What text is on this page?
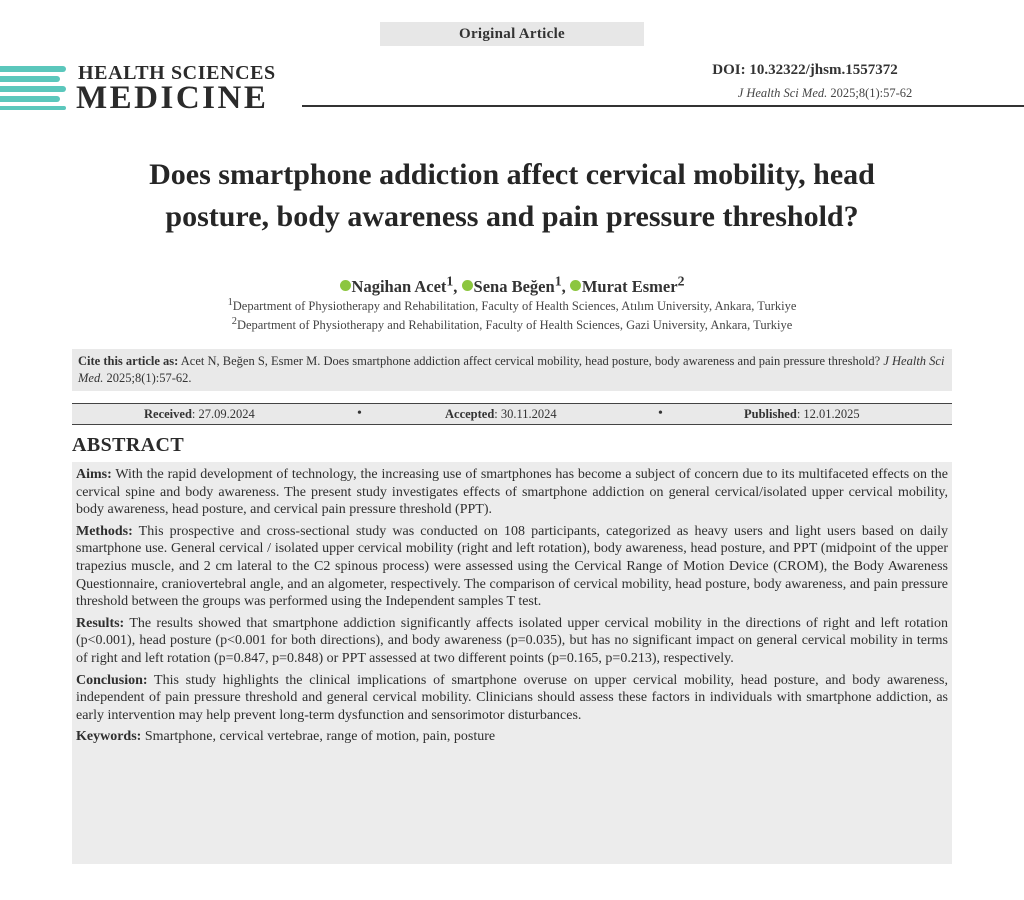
Original Article
HEALTH SCIENCES
MEDICINE
DOI: 10.32322/jhsm.1557372
J Health Sci Med. 2025;8(1):57-62
Does smartphone addiction affect cervical mobility, head
posture, body awareness and pain pressure threshold?
Nagihan Acet$^1$, Sena Beğen$^1$, Murat Esmer$^2$
$^1$Department of Physiotherapy and Rehabilitation, Faculty of Health Sciences, Atılım University, Ankara, Turkiye
$^2$Department of Physiotherapy and Rehabilitation, Faculty of Health Sciences, Gazi University, Ankara, Turkiye
Cite this article as: Acet N, Beğen S, Esmer M. Does smartphone addiction affect cervical mobility, head posture, body awareness and pain pressure threshold? J Health Sci Med. 2025;8(1):57-62.
Received: 27.09.2024	•	Accepted: 30.11.2024	•	Published: 12.01.2025
ABSTRACT

Aims: With the rapid development of technology, the increasing use of smartphones has become a subject of concern due to its multifaceted effects on the cervical spine and body awareness. The present study investigates effects of smartphone addiction on general cervical/isolated upper cervical mobility, body awareness, head posture, and cervical pain pressure threshold (PPT).

Methods: This prospective and cross-sectional study was conducted on 108 participants, categorized as heavy users and light users based on daily smartphone use. General cervical / isolated upper cervical mobility (right and left rotation), body awareness, head posture, and PPT (midpoint of the upper trapezius muscle, and 2 cm lateral to the C2 spinous process) were assessed using the Cervical Range of Motion Device (CROM), the Body Awareness Questionnaire, craniovertebral angle, and an algometer, respectively. The comparison of cervical mobility, head posture, body awareness, and pain pressure threshold between the groups was performed using the Independent samples T test.

Results: The results showed that smartphone addiction significantly affects isolated upper cervical mobility in the directions of right and left rotation (p<0.001), head posture (p<0.001 for both directions), and body awareness (p=0.035), but has no significant impact on general cervical mobility in terms of right and left rotation (p=0.847, p=0.848) or PPT assessed at two different points (p=0.165, p=0.213), respectively.

Conclusion: This study highlights the clinical implications of smartphone overuse on upper cervical mobility, head posture, and body awareness, independent of pain pressure threshold and general cervical mobility. Clinicians should assess these factors in individuals with smartphone addiction, as early intervention may help prevent long-term dysfunction and sensorimotor disturbances.

Keywords: Smartphone, cervical vertebrae, range of motion, pain, posture
